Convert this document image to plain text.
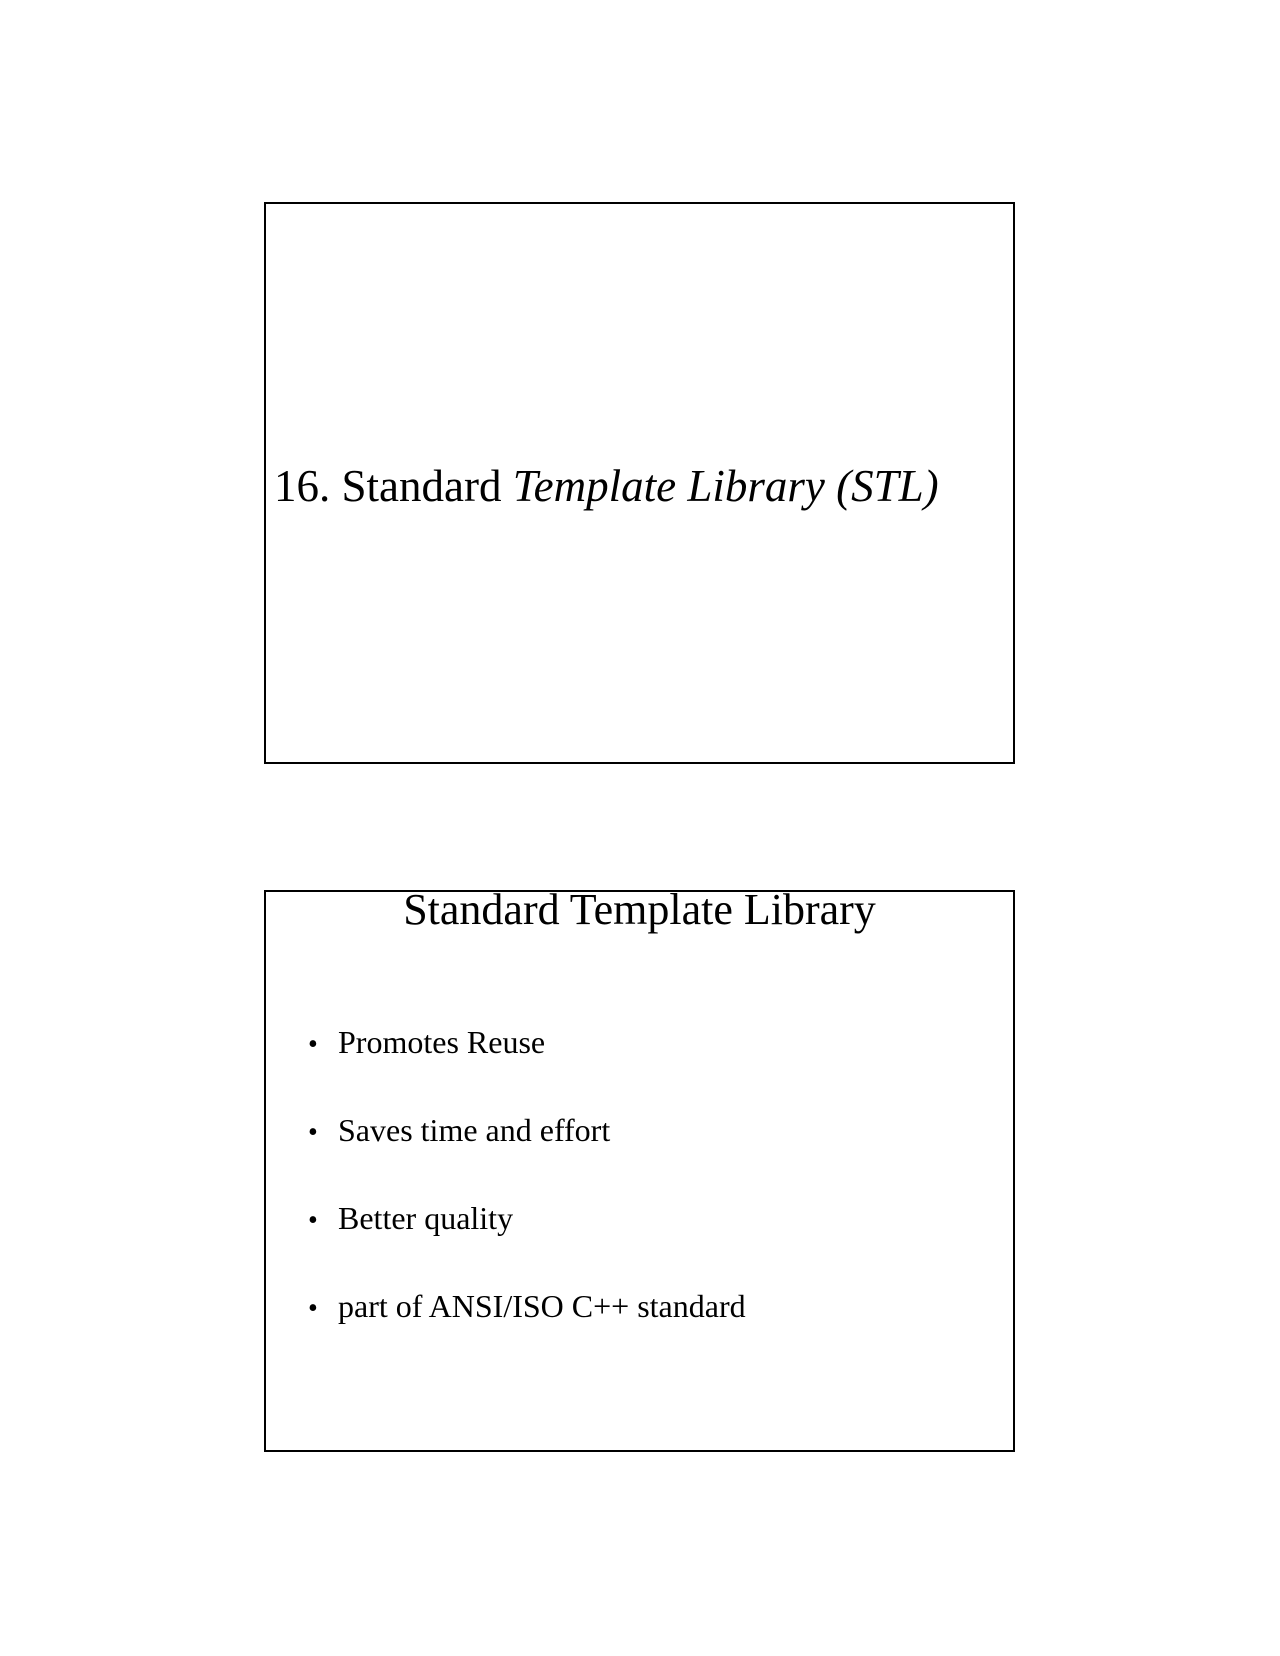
16. Standard Template Library (STL)
Standard Template Library
• Promotes Reuse
• Saves time and effort
• Better quality
• part of ANSI/ISO C++ standard
